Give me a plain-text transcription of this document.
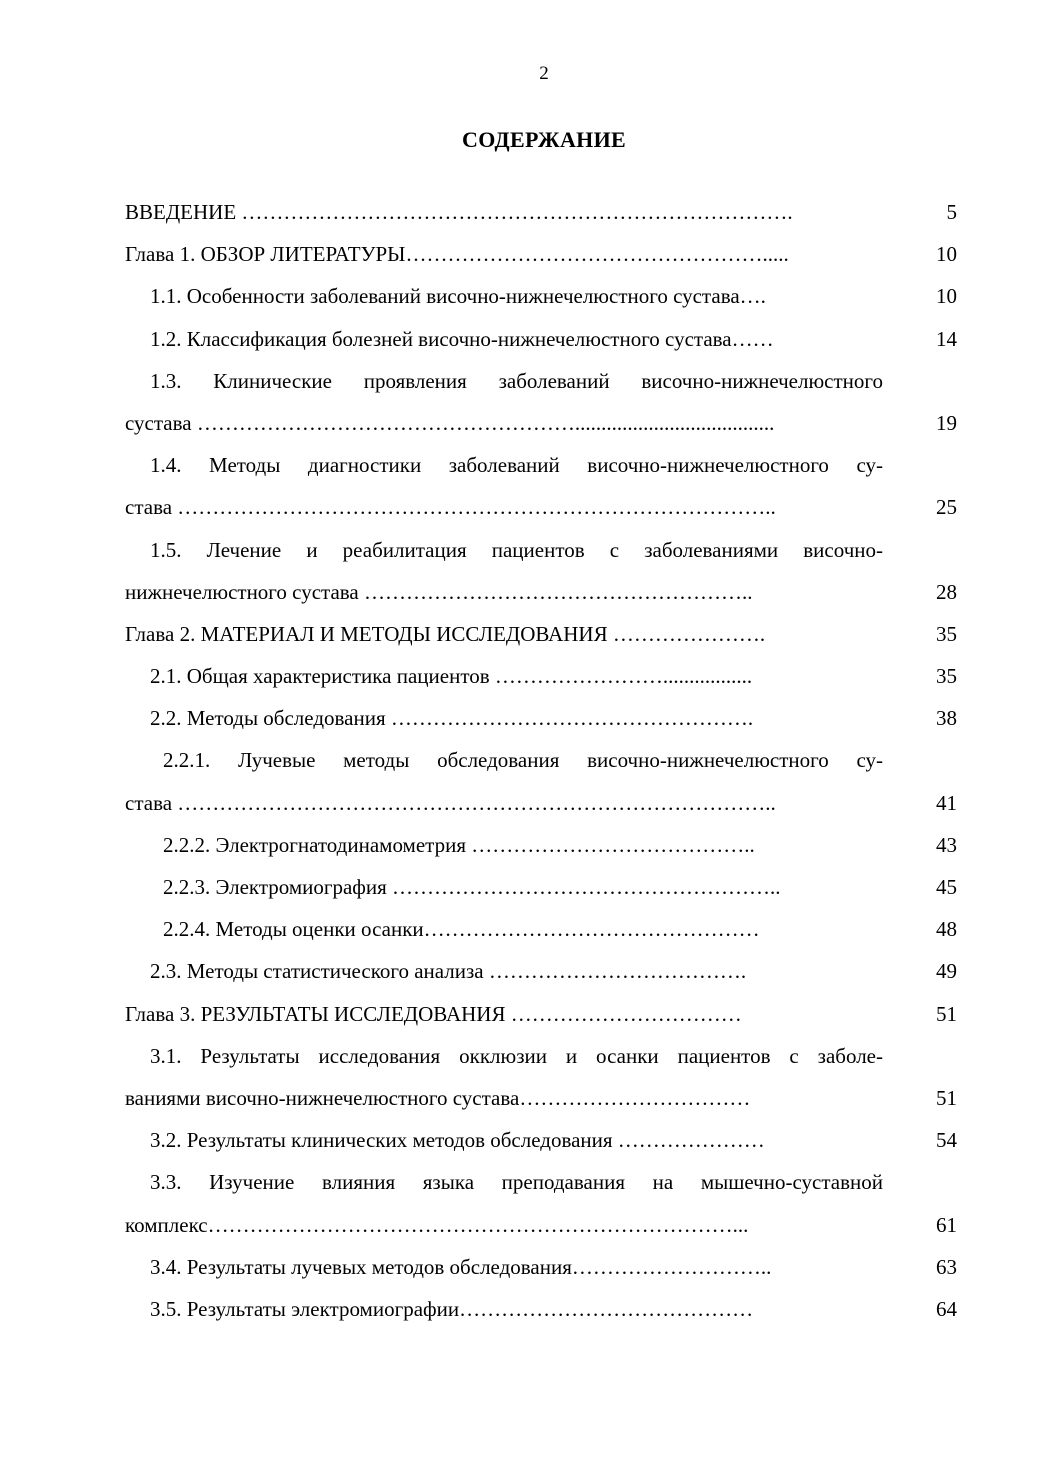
2
СОДЕРЖАНИЕ
ВВЕДЕНИЕ …………………………………………………………………….	5
Глава 1. ОБЗОР ЛИТЕРАТУРЫ…………………………………………….....	10
1.1. Особенности заболеваний височно-нижнечелюстного сустава….	10
1.2. Классификация болезней височно-нижнечелюстного сустава……	14
1.3. Клинические проявления заболеваний височно-нижнечелюстного
сустава ………………………………………………......................................	19
1.4. Методы диагностики заболеваний височно-нижнечелюстного су-
става …………………………………………………………………………..	25
1.5. Лечение и реабилитация пациентов с заболеваниями височно-
нижнечелюстного сустава ………………………………………………..	28
Глава 2. МАТЕРИАЛ И МЕТОДЫ ИССЛЕДОВАНИЯ ………………….	35
2.1. Общая характеристика пациентов …………………….................	35
2.2. Методы обследования …………………………………………….	38
2.2.1. Лучевые методы обследования височно-нижнечелюстного су-
става …………………………………………………………………………..	41
2.2.2. Электрогнатодинамометрия …………………………………..	43
2.2.3. Электромиография ………………………………………………..	45
2.2.4. Методы оценки осанки…………………………………………	48
2.3. Методы статистического анализа ……………………………….	49
Глава 3. РЕЗУЛЬТАТЫ ИССЛЕДОВАНИЯ ……………………………	51
3.1. Результаты исследования окклюзии и осанки пациентов с заболе-
ваниями височно-нижнечелюстного сустава……………………………	51
3.2. Результаты клинических методов обследования …………………	54
3.3. Изучение влияния языка преподавания на мышечно-суставной
комплекс…………………………………………………………………...	61
3.4. Результаты лучевых методов обследования………………………..	63
3.5. Результаты электромиографии……………………………………	64
